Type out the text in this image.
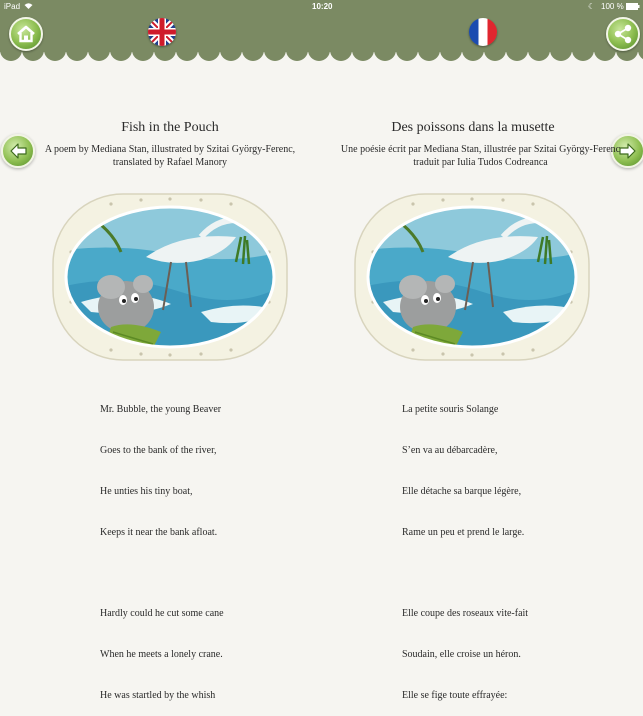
iPad	10:20	☾ 100 %
Fish in the Pouch
A poem by Mediana Stan, illustrated by Szitai György-Ferenc,
translated by Rafael Manory
Des poissons dans la musette
Une poésie écrit par Mediana Stan, illustrée par Szitai György-Ferenc
traduit par Iulia Tudos Codreanca

Mr. Bubble, the young Beaver

Goes to the bank of the river,

He unties his tiny boat,

Keeps it near the bank afloat.

Hardly could he cut some cane

When he meets a lonely crane.

He was startled by the whish

La petite souris Solange

S’en va au débarcadère,

Elle détache sa barque légère,

Rame un peu et prend le large.

Elle coupe des roseaux vite-fait

Soudain, elle croise un héron.

Elle se fige toute effrayée:
